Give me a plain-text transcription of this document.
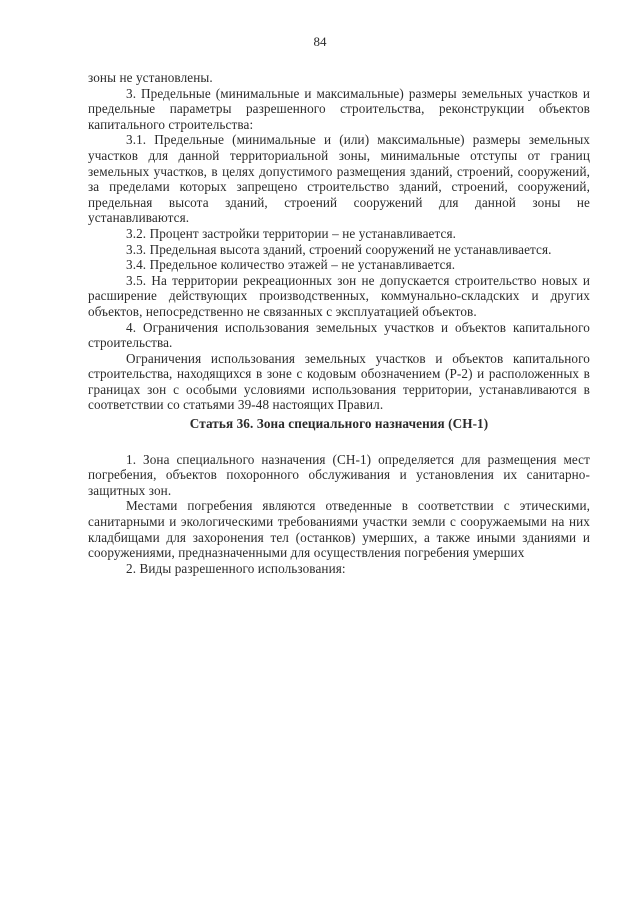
84

зоны не установлены.

3. Предельные (минимальные и максимальные) размеры земельных участков и предельные параметры разрешенного строительства, реконструкции объектов капитального строительства:

3.1. Предельные (минимальные и (или) максимальные) размеры земельных участков для данной территориальной зоны, минимальные отступы от границ земельных участков, в целях допустимого размещения зданий, строений, сооружений, за пределами которых запрещено строительство зданий, строений, сооружений, предельная высота зданий, строений сооружений для данной зоны не устанавливаются.

3.2. Процент застройки территории – не устанавливается.

3.3. Предельная высота зданий, строений сооружений не устанавливается.

3.4. Предельное количество этажей – не устанавливается.

3.5. На территории рекреационных зон не допускается строительство новых и расширение действующих производственных, коммунально-складских и других объектов, непосредственно не связанных с эксплуатацией объектов.

4. Ограничения использования земельных участков и объектов капитального строительства.

Ограничения использования земельных участков и объектов капитального строительства, находящихся в зоне с кодовым обозначением (Р-2) и расположенных в границах зон с особыми условиями использования территории, устанавливаются в соответствии со статьями 39-48 настоящих Правил.

Статья 36. Зона специального назначения (СН-1)

1. Зона специального назначения (СН-1) определяется для размещения мест погребения, объектов похоронного обслуживания и установления их санитарно-защитных зон.

Местами погребения являются отведенные в соответствии с этическими, санитарными и экологическими требованиями участки земли с сооружаемыми на них кладбищами для захоронения тел (останков) умерших, а также иными зданиями и сооружениями, предназначенными для осуществления погребения умерших

2. Виды разрешенного использования:
